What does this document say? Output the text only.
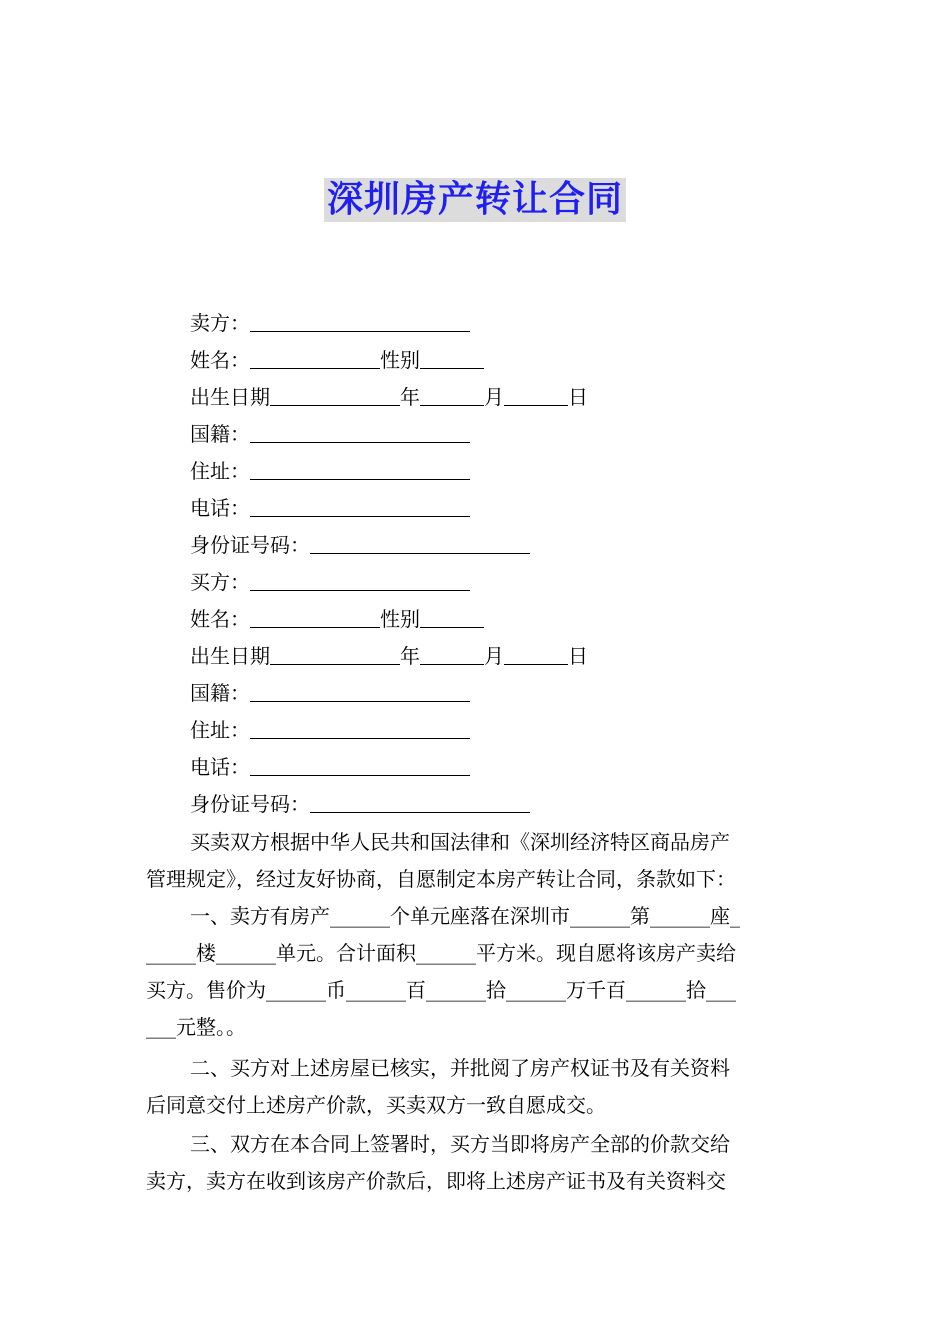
深圳房产转让合同
卖方：
姓名：	性别
出生日期	年	月	日
国籍：
住址：
电话：
身份证号码：
买方：
姓名：	性别
出生日期	年	月	日
国籍：
住址：
电话：
身份证号码：
买卖双方根据中华人民共和国法律和《深圳经济特区商品房产
管理规定》，经过友好协商，自愿制定本房产转让合同，条款如下：
一、卖方有房产______个单元座落在深圳市______第______座_
_____楼______单元。合计面积______平方米。现自愿将该房产卖给
买方。售价为______币______百______拾______万千百______拾___
___元整。。
二、买方对上述房屋已核实，并批阅了房产权证书及有关资料
后同意交付上述房产价款，买卖双方一致自愿成交。
三、双方在本合同上签署时，买方当即将房产全部的价款交给
卖方，卖方在收到该房产价款后，即将上述房产证书及有关资料交
